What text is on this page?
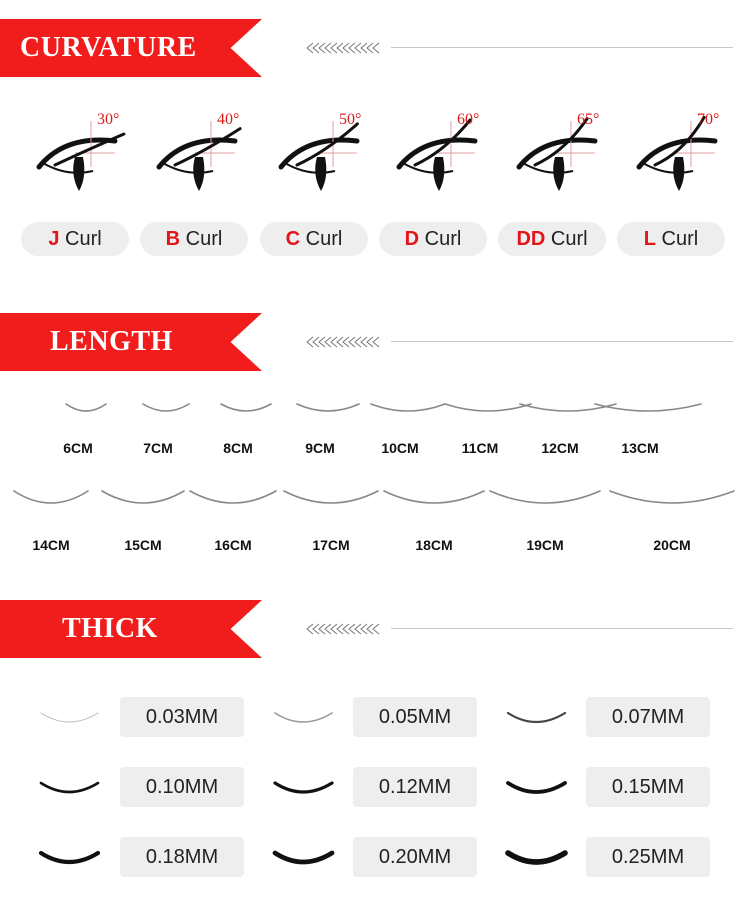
CURVATURE
30°	40°	50°	60°	65°	70°
J Curl	B Curl	C Curl	D Curl	DD Curl	L Curl
LENGTH
6CM	7CM	8CM	9CM	10CM	11CM	12CM	13CM
14CM	15CM	16CM	17CM	18CM	19CM	20CM
THICK
0.03MM	0.05MM	0.07MM
0.10MM	0.12MM	0.15MM
0.18MM	0.20MM	0.25MM
